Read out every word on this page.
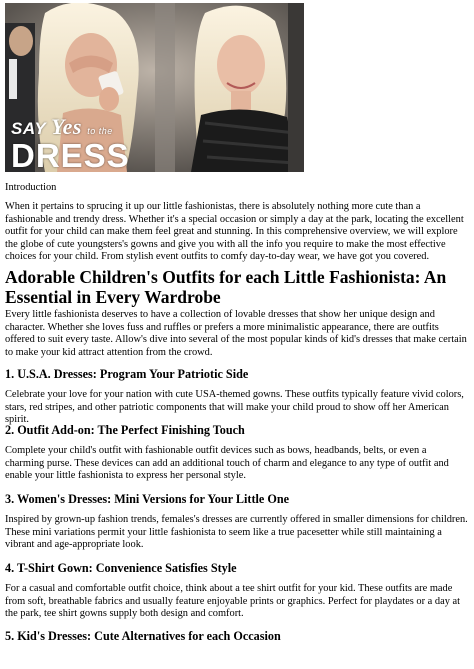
SAY Yes to the
DRESS

Introduction

When it pertains to sprucing it up our little fashionistas, there is absolutely nothing more cute than a fashionable and trendy dress. Whether it's a special occasion or simply a day at the park, locating the excellent outfit for your child can make them feel great and stunning. In this comprehensive overview, we will explore the globe of cute youngsters's gowns and give you with all the info you require to make the most effective choices for your child. From stylish event outfits to comfy day-to-day wear, we have got you covered.

Adorable Children's Outfits for each Little Fashionista: An Essential in Every Wardrobe

Every little fashionista deserves to have a collection of lovable dresses that show her unique design and character. Whether she loves fuss and ruffles or prefers a more minimalistic appearance, there are outfits offered to suit every taste. Allow's dive into several of the most popular kinds of kid's dresses that make certain to make your kid attract attention from the crowd.

1. U.S.A. Dresses: Program Your Patriotic Side

Celebrate your love for your nation with cute USA-themed gowns. These outfits typically feature vivid colors, stars, red stripes, and other patriotic components that will make your child proud to show off her American spirit.

2. Outfit Add-on: The Perfect Finishing Touch

Complete your child's outfit with fashionable outfit devices such as bows, headbands, belts, or even a charming purse. These devices can add an additional touch of charm and elegance to any type of outfit and enable your little fashionista to express her personal style.

3. Women's Dresses: Mini Versions for Your Little One

Inspired by grown-up fashion trends, females's dresses are currently offered in smaller dimensions for children. These mini variations permit your little fashionista to seem like a true pacesetter while still maintaining a vibrant and age-appropriate look.

4. T-Shirt Gown: Convenience Satisfies Style

For a casual and comfortable outfit choice, think about a tee shirt outfit for your kid. These outfits are made from soft, breathable fabrics and usually feature enjoyable prints or graphics. Perfect for playdates or a day at the park, tee shirt gowns supply both design and comfort.

5. Kid's Dresses: Cute Alternatives for each Occasion
